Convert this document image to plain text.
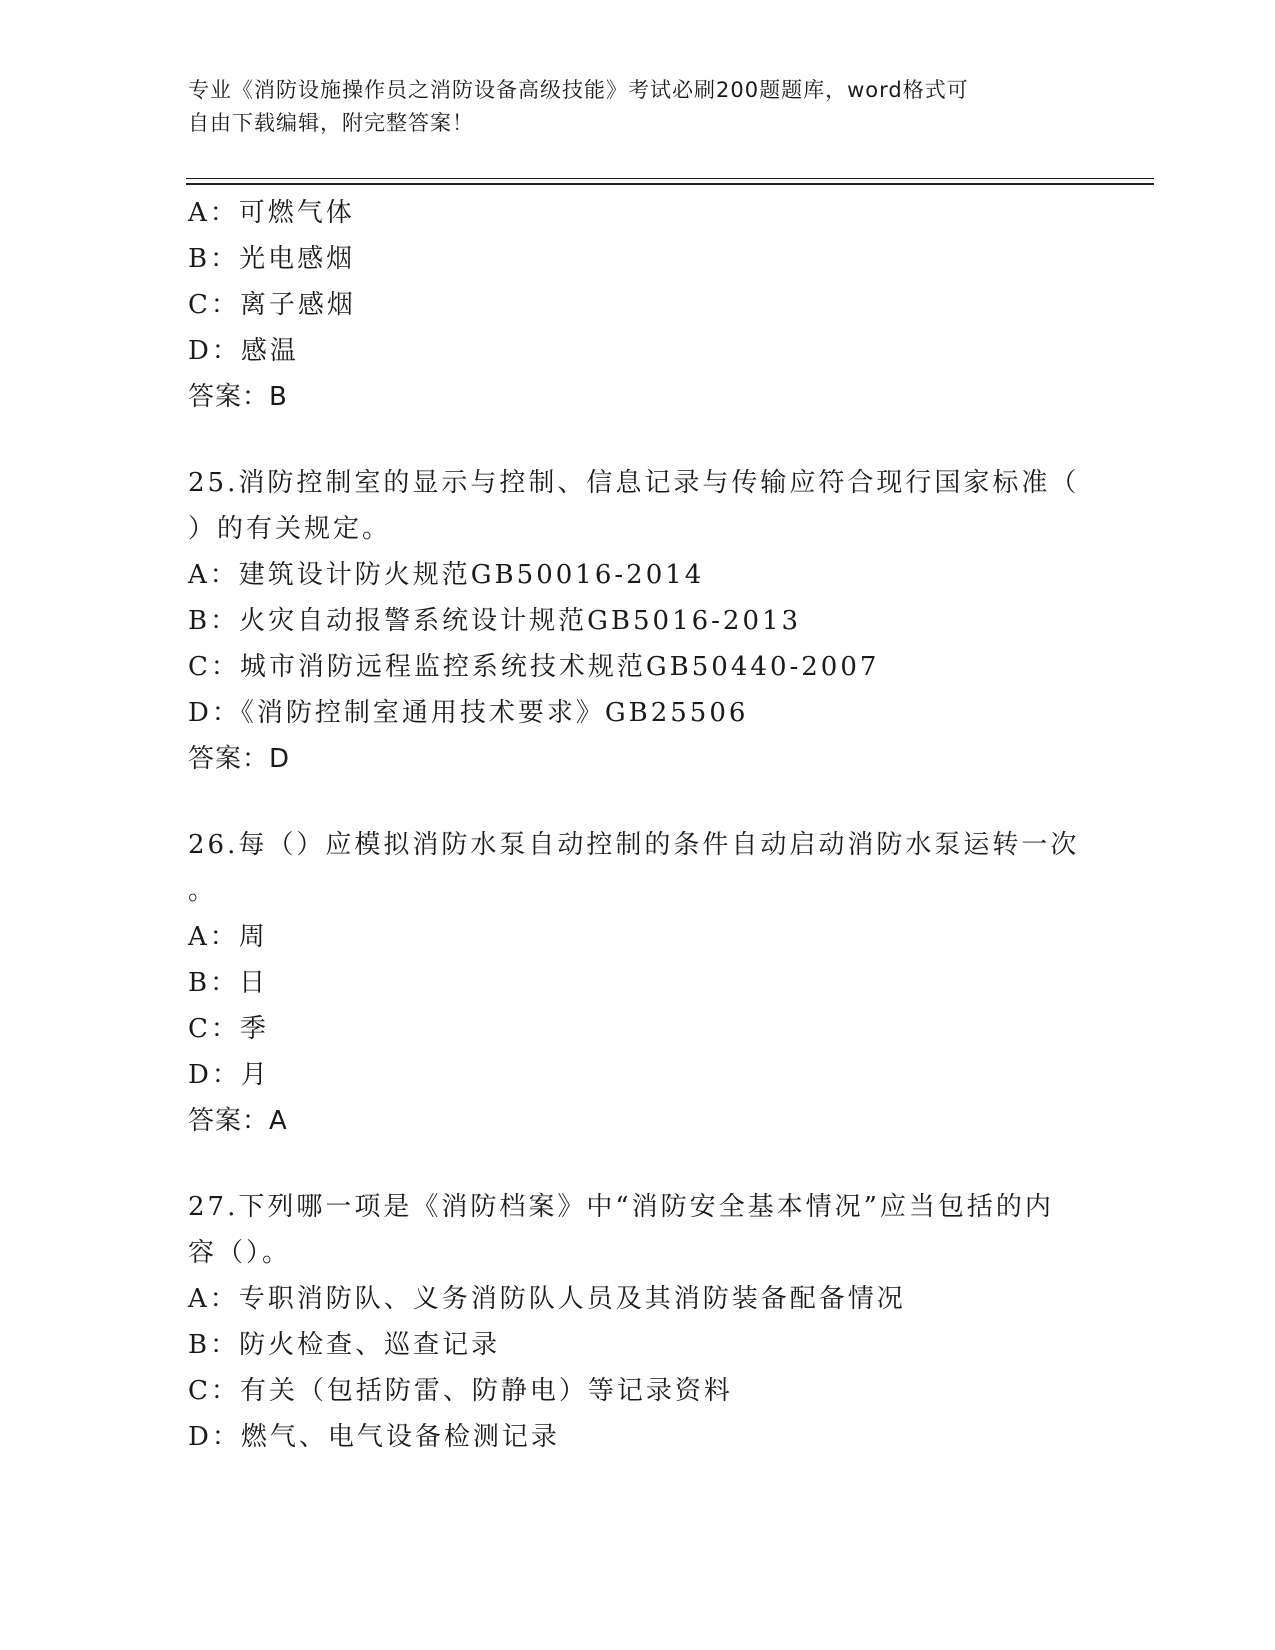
专业《消防设施操作员之消防设备高级技能》考试必刷200题题库，word格式可
自由下载编辑，附完整答案！
A：可燃气体
B：光电感烟
C：离子感烟
D：感温
答案：B
25.消防控制室的显示与控制、信息记录与传输应符合现行国家标准（
）的有关规定。
A：建筑设计防火规范GB50016-2014
B：火灾自动报警系统设计规范GB5016-2013
C：城市消防远程监控系统技术规范GB50440-2007
D：《消防控制室通用技术要求》GB25506
答案：D
26.每（）应模拟消防水泵自动控制的条件自动启动消防水泵运转一次
。
A：周
B：日
C：季
D：月
答案：A
27.下列哪一项是《消防档案》中“消防安全基本情况”应当包括的内
容（）。
A：专职消防队、义务消防队人员及其消防装备配备情况
B：防火检查、巡查记录
C：有关（包括防雷、防静电）等记录资料
D：燃气、电气设备检测记录
